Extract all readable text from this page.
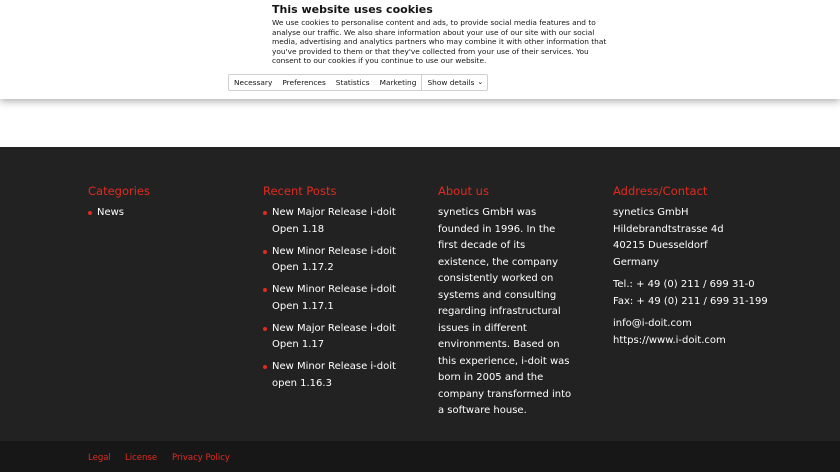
This website uses cookies
We use cookies to personalise content and ads, to provide social media features and to analyse our traffic. We also share information about your use of our site with our social media, advertising and analytics partners who may combine it with other information that you've provided to them or that they've collected from your use of their services. You consent to our cookies if you continue to use our website.
Necessary	Preferences	Statistics	Marketing	Show details ⌄
Categories
News
Recent Posts
New Major Release i-doit Open 1.18
New Minor Release i-doit Open 1.17.2
New Minor Release i-doit Open 1.17.1
New Major Release i-doit Open 1.17
New Minor Release i-doit open 1.16.3
About us

synetics GmbH was founded in 1996. In the first decade of its existence, the company consistently worked on systems and consulting regarding infrastructural issues in different environments. Based on this experience, i-doit was born in 2005 and the company transformed into a software house.

Address/Contact

synetics GmbH

Hildebrandtstrasse 4d

40215 Duesseldorf

Germany

Tel.: + 49 (0) 211 / 699 31-0

Fax: + 49 (0) 211 / 699 31-199

info@i-doit.com

https://www.i-doit.com

Legal License Privacy Policy
